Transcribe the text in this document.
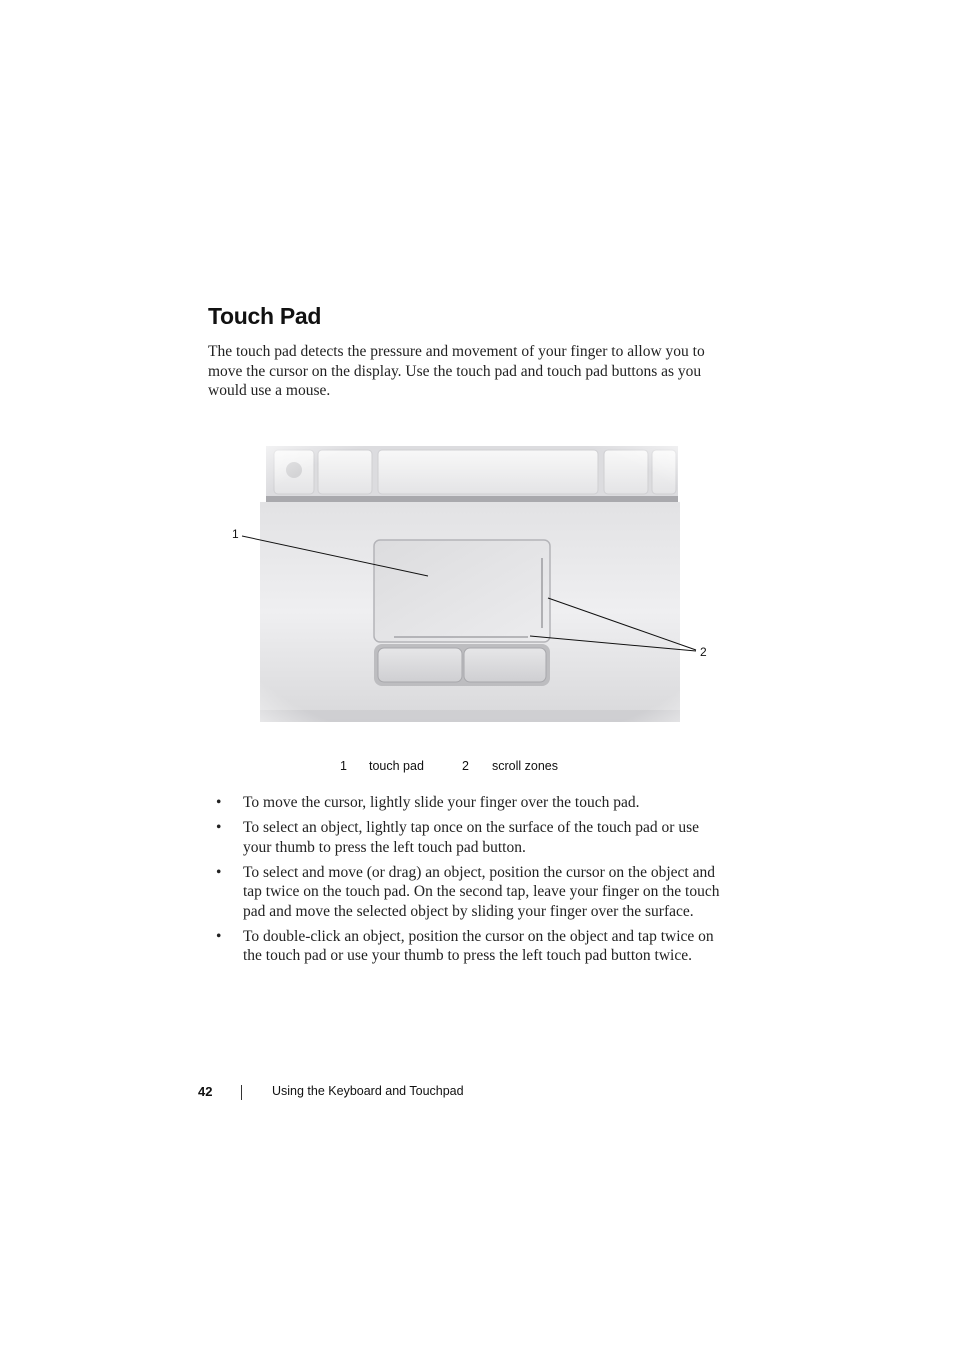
Touch Pad

The touch pad detects the pressure and movement of your finger to allow you to move the cursor on the display. Use the touch pad and touch pad buttons as you would use a mouse.

1
2
1 touch pad	2 scroll zones
• To move the cursor, lightly slide your finger over the touch pad.
• To select an object, lightly tap once on the surface of the touch pad or use your thumb to press the left touch pad button.
• To select and move (or drag) an object, position the cursor on the object and tap twice on the touch pad. On the second tap, leave your finger on the touch pad and move the selected object by sliding your finger over the surface.
• To double-click an object, position the cursor on the object and tap twice on the touch pad or use your thumb to press the left touch pad button twice.
42	Using the Keyboard and Touchpad
